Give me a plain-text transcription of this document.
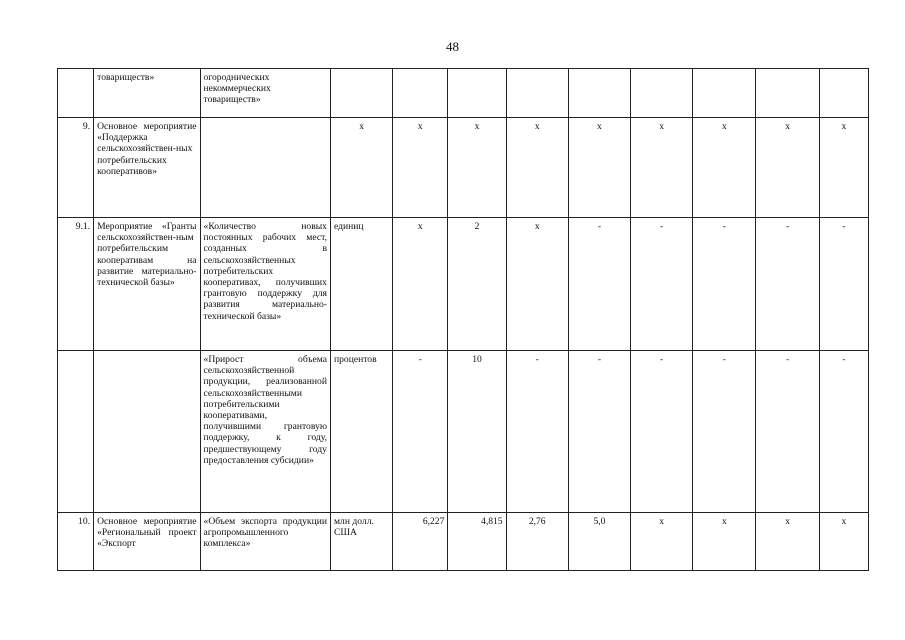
48
	товариществ»	огороднических некоммерческих товариществ»									
9.	Основное мероприятие «Поддержка сельскохозяйствен-ных потребительских кооперативов»		х	х	х	х	х	х	х	х	х
9.1.	Мероприятие «Гранты сельскохозяйствен-ным потребительским кооперативам на развитие материально-технической базы»	«Количество новых постоянных рабочих мест, созданных в сельскохозяйственных потребительских кооперативах, получивших грантовую поддержку для развития материально-технической базы»	единиц	х	2	х	-	-	-	-	-
		«Прирост объема сельскохозяйственной продукции, реализованной сельскохозяйственными потребительскими кооперативами, получившими грантовую поддержку, к году, предшествующему году предоставления субсидии»	процентов	-	10	-	-	-	-	-	-
10.	Основное мероприятие «Региональный проект «Экспорт	«Объем экспорта продукции агропромышленного комплекса»	млн долл. США	6,227	4,815	2,76	5,0	х	х	х	х
